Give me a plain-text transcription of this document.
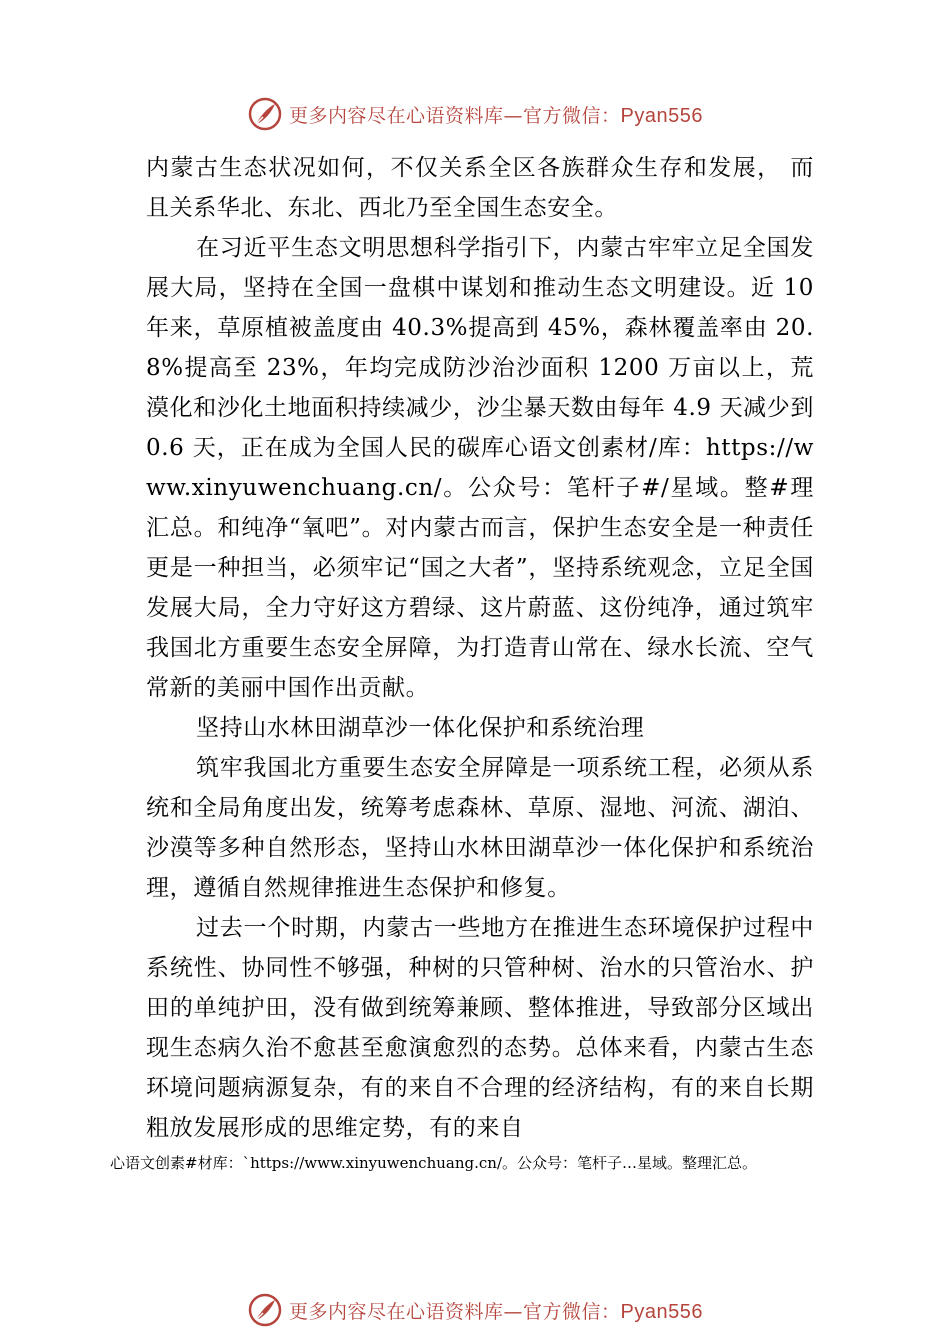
更多内容尽在心语资料库—官方微信：Pyan556

内蒙古生态状况如何，不仅关系全区各族群众生存和发展， 而且关系华北、东北、西北乃至全国生态安全。

在习近平生态文明思想科学指引下，内蒙古牢牢立足全国发展大局，坚持在全国一盘棋中谋划和推动生态文明建设。近 10 年来，草原植被盖度由 40.3%提高到 45%，森林覆盖率由 20.8%提高至 23%，年均完成防沙治沙面积 1200 万亩以上，荒漠化和沙化土地面积持续减少，沙尘暴天数由每年 4.9 天减少到 0.6 天，正在成为全国人民的碳库心语文创素材/库：https://www.xinyuwenchuang.cn/。公众号：笔杆子#/星域。整#理汇总。和纯净“氧吧”。对内蒙古而言，保护生态安全是一种责任更是一种担当，必须牢记“国之大者”，坚持系统观念，立足全国发展大局，全力守好这方碧绿、这片蔚蓝、这份纯净，通过筑牢我国北方重要生态安全屏障，为打造青山常在、绿水长流、空气常新的美丽中国作出贡献。

坚持山水林田湖草沙一体化保护和系统治理

筑牢我国北方重要生态安全屏障是一项系统工程，必须从系统和全局角度出发，统筹考虑森林、草原、湿地、河流、湖泊、沙漠等多种自然形态，坚持山水林田湖草沙一体化保护和系统治理，遵循自然规律推进生态保护和修复。

过去一个时期，内蒙古一些地方在推进生态环境保护过程中系统性、协同性不够强，种树的只管种树、治水的只管治水、护田的单纯护田，没有做到统筹兼顾、整体推进，导致部分区域出现生态病久治不愈甚至愈演愈烈的态势。总体来看，内蒙古生态环境问题病源复杂，有的来自不合理的经济结构，有的来自长期粗放发展形成的思维定势，有的来自

心语文创素#材库：`https://www.xinyuwenchuang.cn/。公众号：笔杆子…星域。整理汇总。
更多内容尽在心语资料库—官方微信：Pyan556
